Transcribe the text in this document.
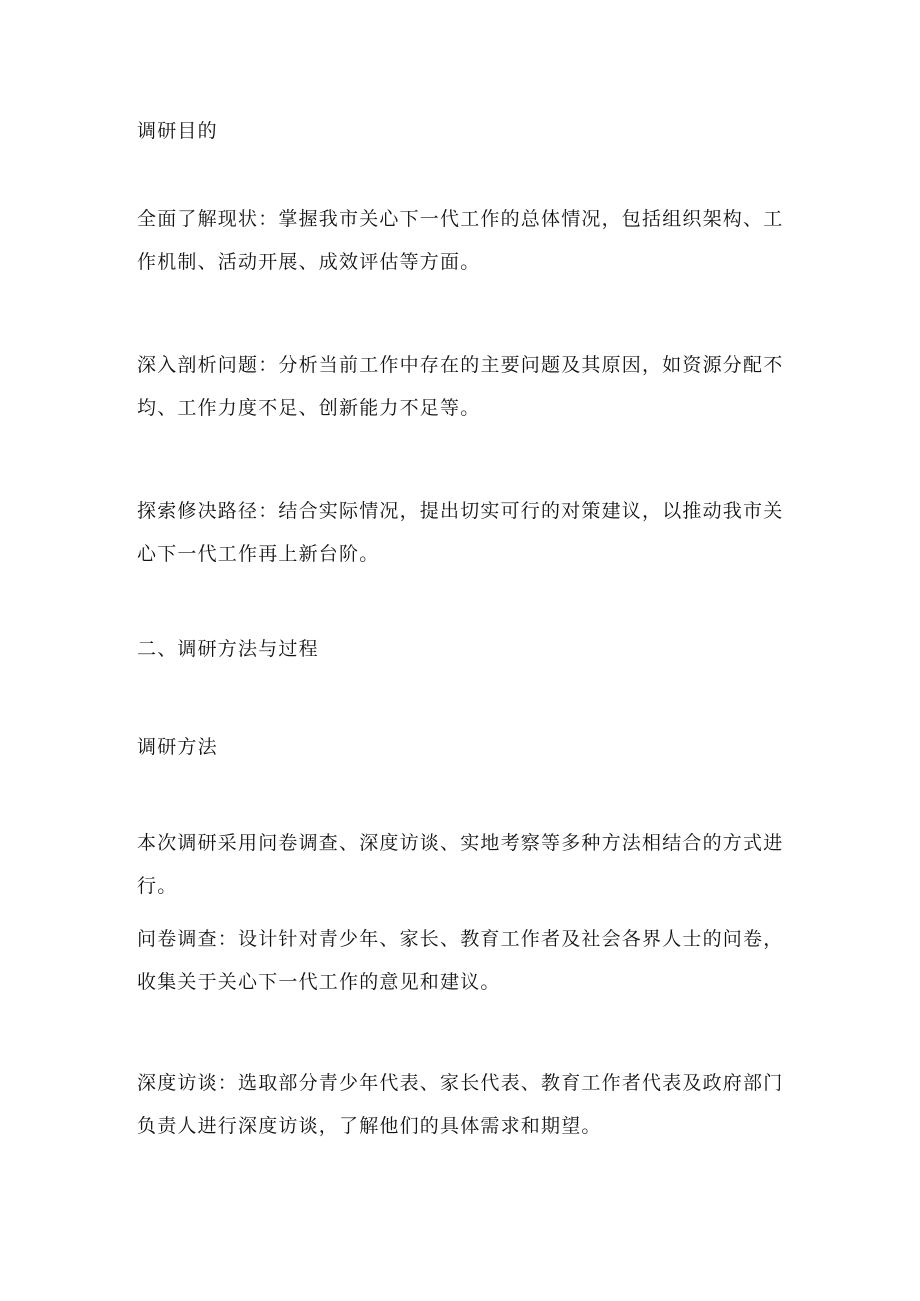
调研目的

全面了解现状：掌握我市关心下一代工作的总体情况，包括组织架构、工作机制、活动开展、成效评估等方面。

深入剖析问题：分析当前工作中存在的主要问题及其原因，如资源分配不均、工作力度不足、创新能力不足等。

探索修决路径：结合实际情况，提出切实可行的对策建议，以推动我市关心下一代工作再上新台阶。

二、调研方法与过程

调研方法

本次调研采用问卷调查、深度访谈、实地考察等多种方法相结合的方式进行。

问卷调查：设计针对青少年、家长、教育工作者及社会各界人士的问卷，收集关于关心下一代工作的意见和建议。

深度访谈：选取部分青少年代表、家长代表、教育工作者代表及政府部门负责人进行深度访谈，了解他们的具体需求和期望。
